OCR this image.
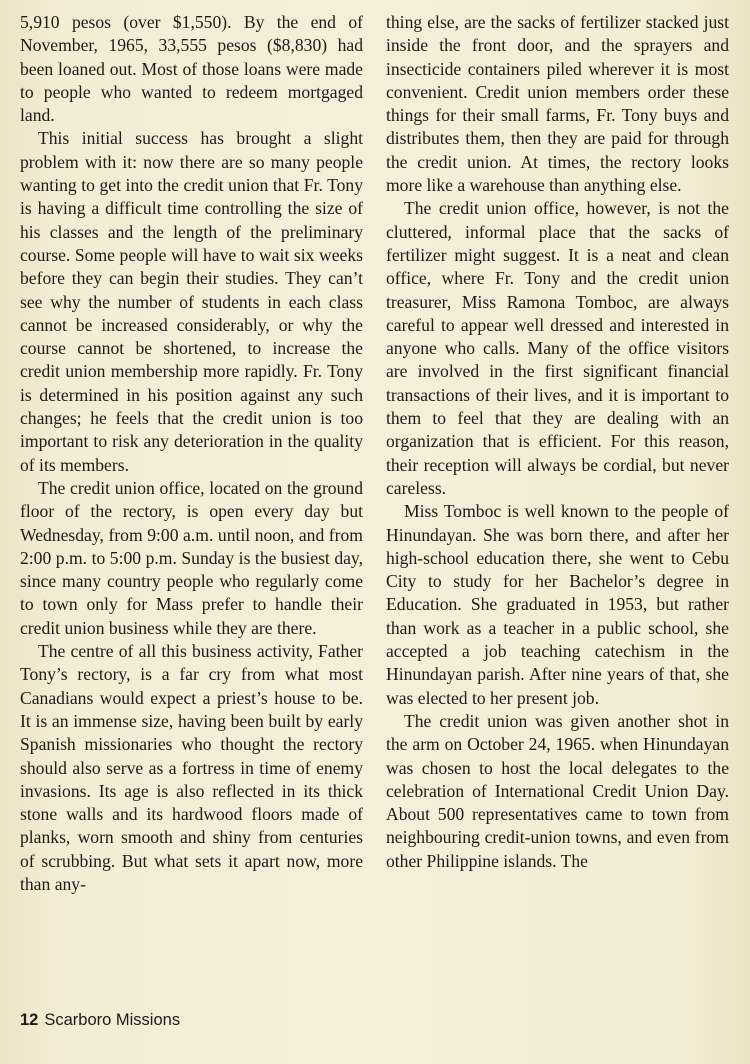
5,910 pesos (over $1,550). By the end of November, 1965, 33,555 pesos ($8,830) had been loaned out. Most of those loans were made to people who wanted to redeem mortgaged land.

This initial success has brought a slight problem with it: now there are so many people wanting to get into the credit union that Fr. Tony is having a difficult time controlling the size of his classes and the length of the preliminary course. Some people will have to wait six weeks before they can begin their studies. They can’t see why the number of students in each class cannot be increased considerably, or why the course cannot be shortened, to increase the credit union membership more rapidly. Fr. Tony is determined in his position against any such changes; he feels that the credit union is too important to risk any deterioration in the quality of its members.

The credit union office, located on the ground floor of the rectory, is open every day but Wednesday, from 9:00 a.m. until noon, and from 2:00 p.m. to 5:00 p.m. Sunday is the busiest day, since many country people who regularly come to town only for Mass prefer to handle their credit union business while they are there.

The centre of all this business activity, Father Tony’s rectory, is a far cry from what most Canadians would expect a priest’s house to be. It is an immense size, having been built by early Spanish missionaries who thought the rectory should also serve as a fortress in time of enemy invasions. Its age is also reflected in its thick stone walls and its hardwood floors made of planks, worn smooth and shiny from centuries of scrubbing. But what sets it apart now, more than any-

thing else, are the sacks of fertilizer stacked just inside the front door, and the sprayers and insecticide containers piled wherever it is most convenient. Credit union members order these things for their small farms, Fr. Tony buys and distributes them, then they are paid for through the credit union. At times, the rectory looks more like a warehouse than anything else.

The credit union office, however, is not the cluttered, informal place that the sacks of fertilizer might suggest. It is a neat and clean office, where Fr. Tony and the credit union treasurer, Miss Ramona Tomboc, are always careful to appear well dressed and interested in anyone who calls. Many of the office visitors are involved in the first significant financial transactions of their lives, and it is important to them to feel that they are dealing with an organization that is efficient. For this reason, their reception will always be cordial, but never careless.

Miss Tomboc is well known to the people of Hinundayan. She was born there, and after her high-school education there, she went to Cebu City to study for her Bachelor’s degree in Education. She graduated in 1953, but rather than work as a teacher in a public school, she accepted a job teaching catechism in the Hinundayan parish. After nine years of that, she was elected to her present job.

The credit union was given another shot in the arm on October 24, 1965. when Hinundayan was chosen to host the local delegates to the celebration of International Credit Union Day. About 500 representatives came to town from neighbouring credit-union towns, and even from other Philippine islands. The

12 Scarboro Missions
